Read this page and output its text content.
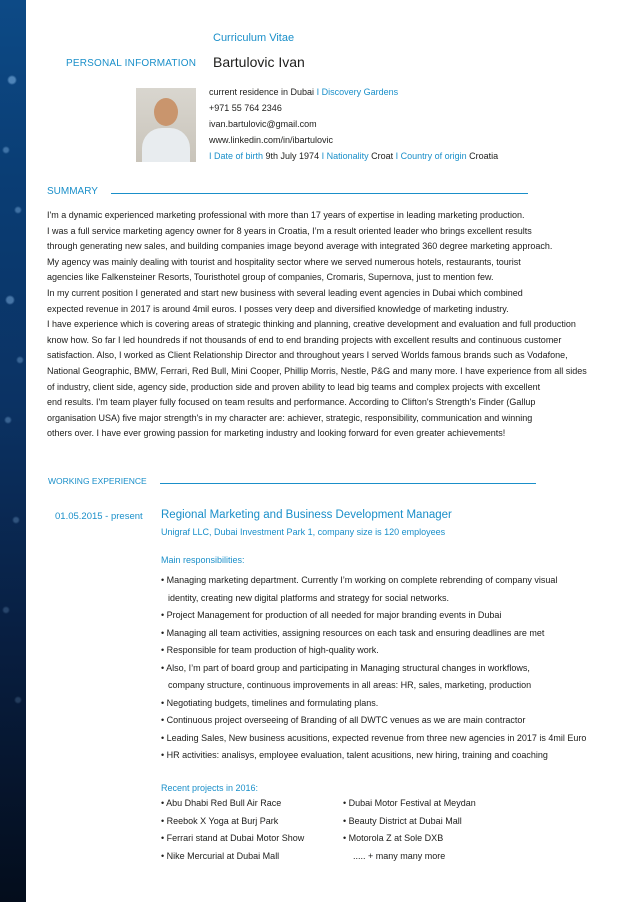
Curriculum Vitae
PERSONAL INFORMATION Bartulovic Ivan
current residence in Dubai I Discovery Gardens
+971 55 764 2346
ivan.bartulovic@gmail.com
www.linkedin.com/in/ibartulovic
I Date of birth 9th July 1974 I Nationality Croat I Country of origin Croatia
SUMMARY
I'm a dynamic experienced marketing professional with more than 17 years of expertise in leading marketing production.
I was a full service marketing agency owner for 8 years in Croatia, I’m a result oriented leader who brings excellent results
through generating new sales, and building companies image beyond average with integrated 360 degree marketing approach.
My agency was mainly dealing with tourist and hospitality sector where we served numerous hotels, restaurants, tourist
agencies like Falkensteiner Resorts, Touristhotel group of companies, Cromaris, Supernova, just to mention few.
In my current position I generated and start new business with several leading event agencies in Dubai which combined
expected revenue in 2017 is around 4mil euros. I posses very deep and diversified knowledge of marketing industry.
I have experience which is covering areas of strategic thinking and planning, creative development and evaluation and full production
know how. So far I led houndreds if not thousands of end to end branding projects with excellent results and continuous customer
satisfaction. Also, I worked as Client Relationship Director and throughout years I served Worlds famous brands such as Vodafone,
National Geographic, BMW, Ferrari, Red Bull, Mini Cooper, Phillip Morris, Nestle, P&G and many more. I have experience from all sides
of industry, client side, agency side, production side and proven ability to lead big teams and complex projects with excellent
end results. I'm team player fully focused on team results and performance. According to Clifton's Strength's Finder (Gallup
organisation USA) five major strength's in my character are: achiever, strategic, responsibility, communication and winning
others over. I have ever growing passion for marketing industry and looking forward for even greater achievements!
WORKING EXPERIENCE
01.05.2015 - present Regional Marketing and Business Development Manager
Unigraf LLC, Dubai Investment Park 1, company size is 120 employees
Main responsibilities:
• Managing marketing department. Currently I’m working on complete rebrending of company visual
identity, creating new digital platforms and strategy for social networks.
• Project Management for production of all needed for major branding events in Dubai
• Managing all team activities, assigning resources on each task and ensuring deadlines are met
• Responsible for team production of high-quality work.
• Also, I’m part of board group and participating in Managing structural changes in workflows,
company structure, continuous improvements in all areas: HR, sales, marketing, production
• Negotiating budgets, timelines and formulating plans.
• Continuous project overseeing of Branding of all DWTC venues as we are main contractor
• Leading Sales, New business acusitions, expected revenue from three new agencies in 2017 is 4mil Euro
• HR activities: analisys, employee evaluation, talent acusitions, new hiring, training and coaching
Recent projects in 2016:
• Abu Dhabi Red Bull Air Race
• Reebok X Yoga at Burj Park
• Ferrari stand at Dubai Motor Show
• Nike Mercurial at Dubai Mall
• Dubai Motor Festival at Meydan
• Beauty District at Dubai Mall
• Motorola Z at Sole DXB
..... + many many more
